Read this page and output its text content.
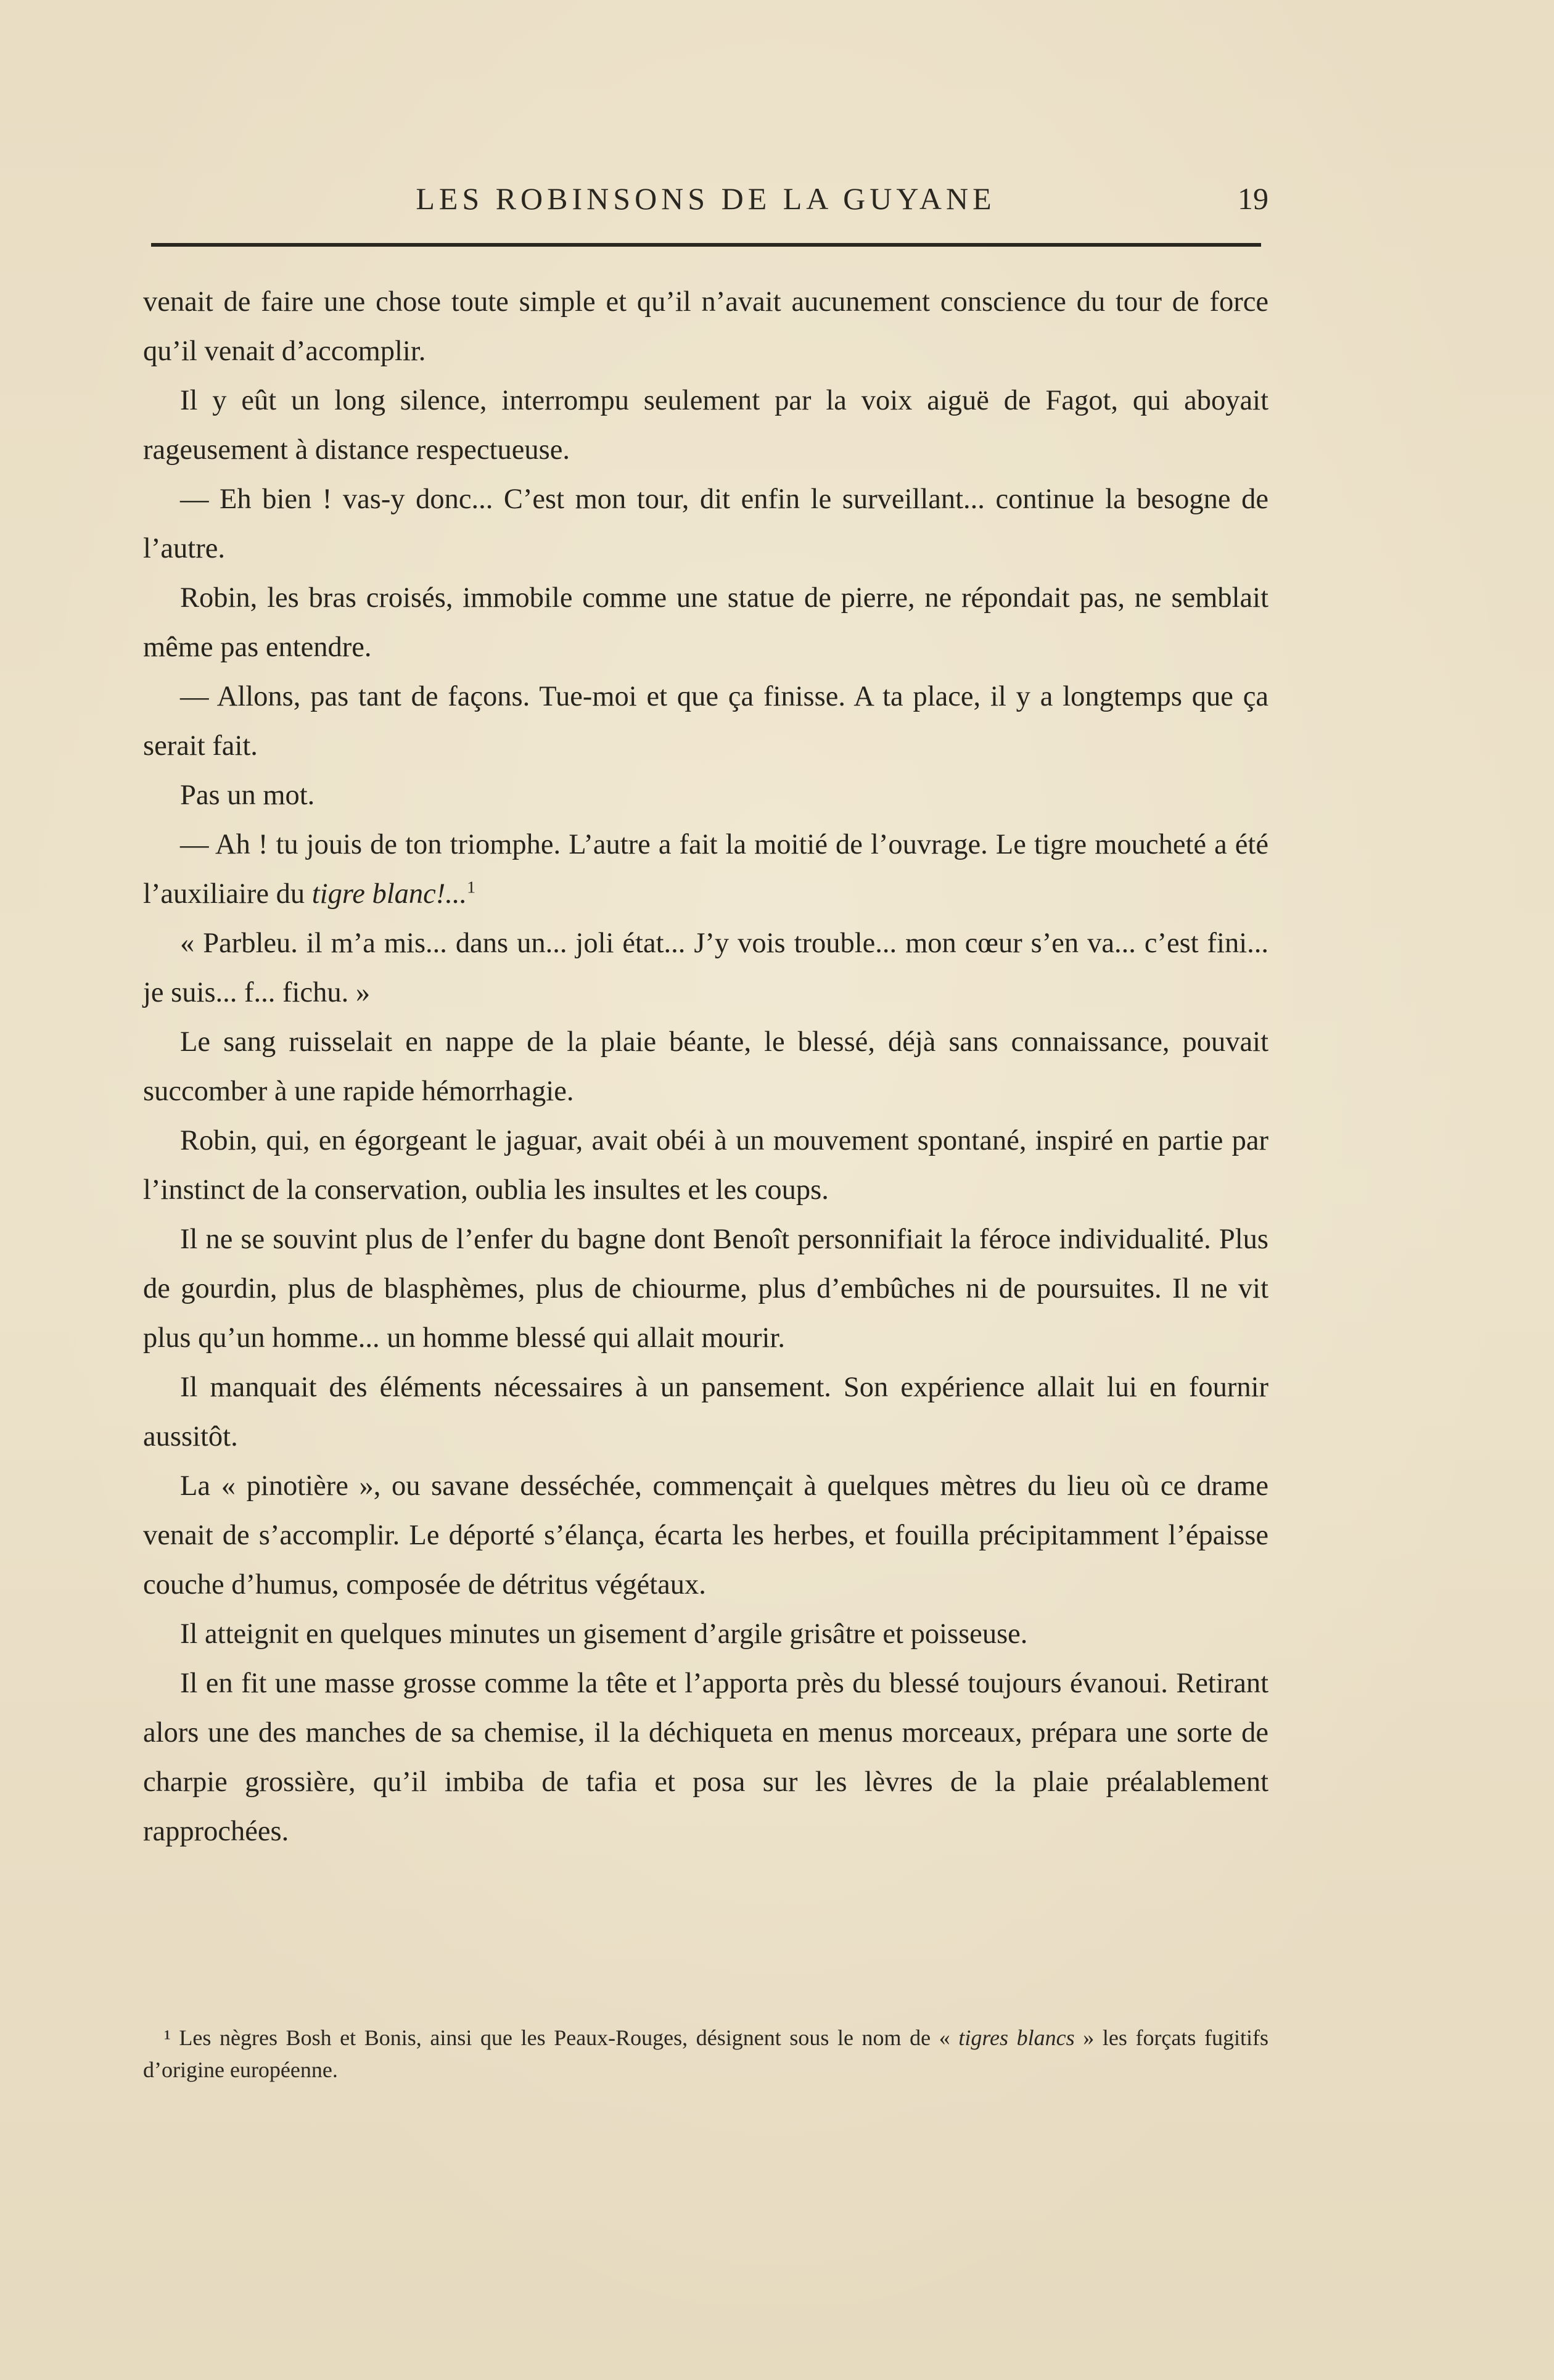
LES ROBINSONS DE LA GUYANE	19

venait de faire une chose toute simple et qu’il n’avait aucunement conscience du tour de force qu’il venait d’accomplir.

Il y eût un long silence, interrompu seulement par la voix aiguë de Fagot, qui aboyait rageusement à distance respectueuse.

— Eh bien ! vas-y donc... C’est mon tour, dit enfin le surveillant... continue la besogne de l’autre.

Robin, les bras croisés, immobile comme une statue de pierre, ne répondait pas, ne semblait même pas entendre.

— Allons, pas tant de façons. Tue-moi et que ça finisse. A ta place, il y a longtemps que ça serait fait.

Pas un mot.

— Ah ! tu jouis de ton triomphe. L’autre a fait la moitié de l’ouvrage. Le tigre moucheté a été l’auxiliaire du tigre blanc!...$^1$

« Parbleu. il m’a mis... dans un... joli état... J’y vois trouble... mon cœur s’en va... c’est fini... je suis... f... fichu. »

Le sang ruisselait en nappe de la plaie béante, le blessé, déjà sans connaissance, pouvait succomber à une rapide hémorrhagie.

Robin, qui, en égorgeant le jaguar, avait obéi à un mouvement spontané, inspiré en partie par l’instinct de la conservation, oublia les insultes et les coups.

Il ne se souvint plus de l’enfer du bagne dont Benoît personnifiait la féroce individualité. Plus de gourdin, plus de blasphèmes, plus de chiourme, plus d’embûches ni de poursuites. Il ne vit plus qu’un homme... un homme blessé qui allait mourir.

Il manquait des éléments nécessaires à un pansement. Son expérience allait lui en fournir aussitôt.

La « pinotière », ou savane desséchée, commençait à quelques mètres du lieu où ce drame venait de s’accomplir. Le déporté s’élança, écarta les herbes, et fouilla précipitamment l’épaisse couche d’humus, composée de détritus végétaux.

Il atteignit en quelques minutes un gisement d’argile grisâtre et poisseuse.

Il en fit une masse grosse comme la tête et l’apporta près du blessé toujours évanoui. Retirant alors une des manches de sa chemise, il la déchiqueta en menus morceaux, prépara une sorte de charpie grossière, qu’il imbiba de tafia et posa sur les lèvres de la plaie préalablement rapprochées.

¹ Les nègres Bosh et Bonis, ainsi que les Peaux-Rouges, désignent sous le nom de « tigres blancs » les forçats fugitifs d’origine européenne.
